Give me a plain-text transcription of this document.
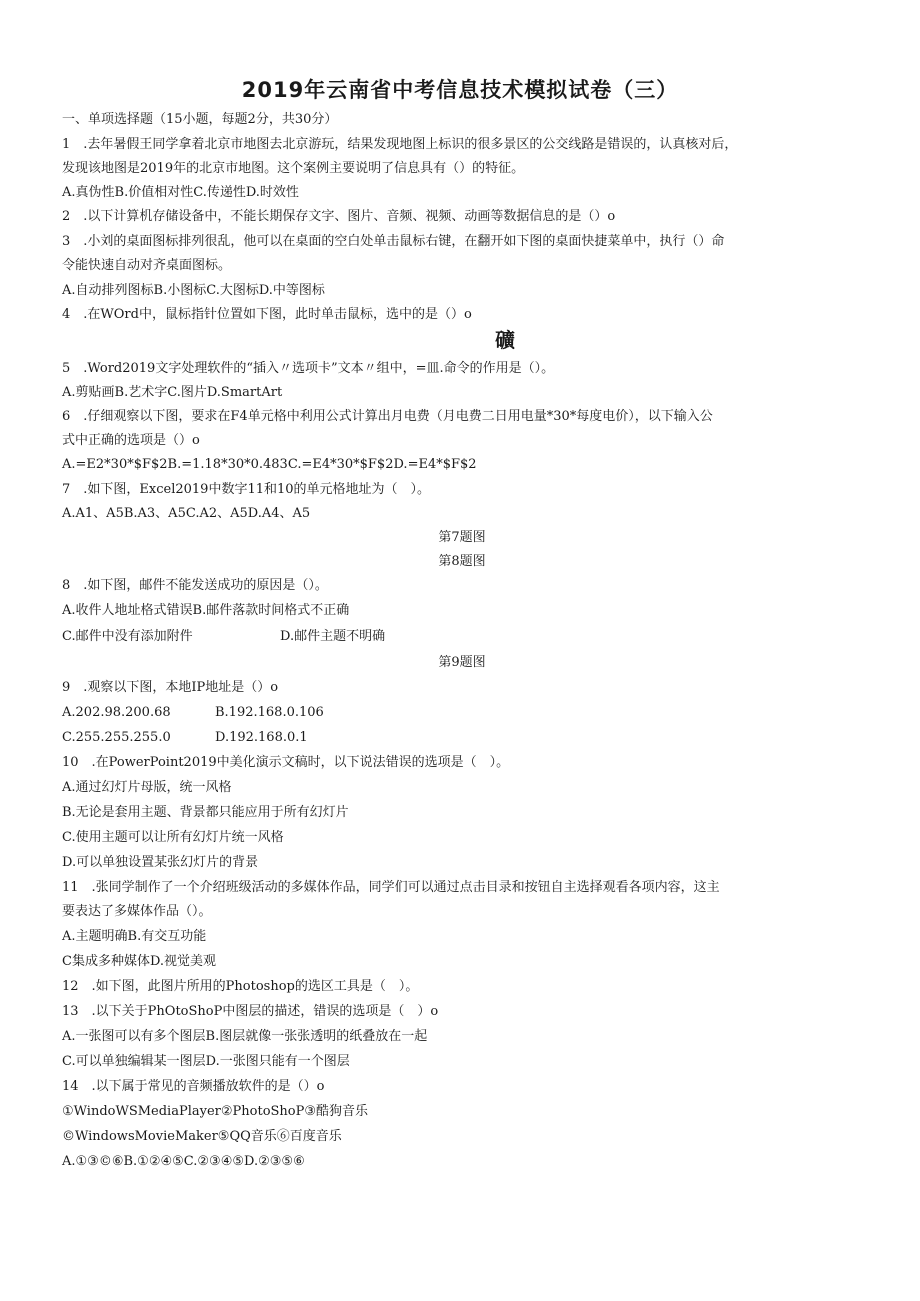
2019年云南省中考信息技术模拟试卷（三）
一、单项选择题（15小题，每题2分，共30分）
1　.去年暑假王同学拿着北京市地图去北京游玩，结果发现地图上标识的很多景区的公交线路是错误的，认真核对后，
发现该地图是2019年的北京市地图。这个案例主要说明了信息具有（）的特征。
A.真伪性B.价值相对性C.传递性D.时效性
2　.以下计算机存储设备中，不能长期保存文字、图片、音频、视频、动画等数据信息的是（）o
3　.小刘的桌面图标排列很乱，他可以在桌面的空白处单击鼠标右键，在翻开如下图的桌面快捷菜单中，执行（）命
令能快速自动对齐桌面图标。
A.自动排列图标B.小图标C.大图标D.中等图标
4　.在WOrd中，鼠标指针位置如下图，此时单击鼠标，选中的是（）o
礦
5　.Word2019文字处理软件的“插入〃选项卡”文本〃组中，=皿.命令的作用是（）。
A.剪贴画B.艺术字C.图片D.SmartArt
6　.仔细观察以下图，要求在F4单元格中利用公式计算出月电费（月电费二日用电量*30*每度电价），以下输入公
式中正确的选项是（）o
A.=E2*30*$F$2B.=1.18*30*0.483C.=E4*30*$F$2D.=E4*$F$2
7　.如下图，Excel2019中数字11和10的单元格地址为（　）。
A.A1、A5B.A3、A5C.A2、A5D.A4、A5
第7题图
第8题图
8　.如下图，邮件不能发送成功的原因是（）。
A.收件人地址格式错误B.邮件落款时间格式不正确
C.邮件中没有添加附件	D.邮件主题不明确
第9题图
9　.观察以下图，本地IP地址是（）o
A.202.98.200.68	B.192.168.0.106
C.255.255.255.0	D.192.168.0.1
10　.在PowerPoint2019中美化演示文稿时，以下说法错误的选项是（　）。
A.通过幻灯片母版，统一风格
B.无论是套用主题、背景都只能应用于所有幻灯片
C.使用主题可以让所有幻灯片统一风格
D.可以单独设置某张幻灯片的背景
11　.张同学制作了一个介绍班级活动的多媒体作品，同学们可以通过点击目录和按钮自主选择观看各项内容，这主
要表达了多媒体作品（）。
A.主题明确B.有交互功能
C集成多种媒体D.视觉美观
12　.如下图，此图片所用的Photoshop的选区工具是（　）。
13　.以下关于PhOtoShoP中图层的描述，错误的选项是（　）o
A.一张图可以有多个图层B.图层就像一张张透明的纸叠放在一起
C.可以单独编辑某一图层D.一张图只能有一个图层
14　.以下属于常见的音频播放软件的是（）o
①WindoWSMediaPlayer②PhotoShoP③酷狗音乐
©WindowsMovieMaker⑤QQ音乐⑥百度音乐
A.①③©⑥B.①②④⑤C.②③④⑤D.②③⑤⑥
